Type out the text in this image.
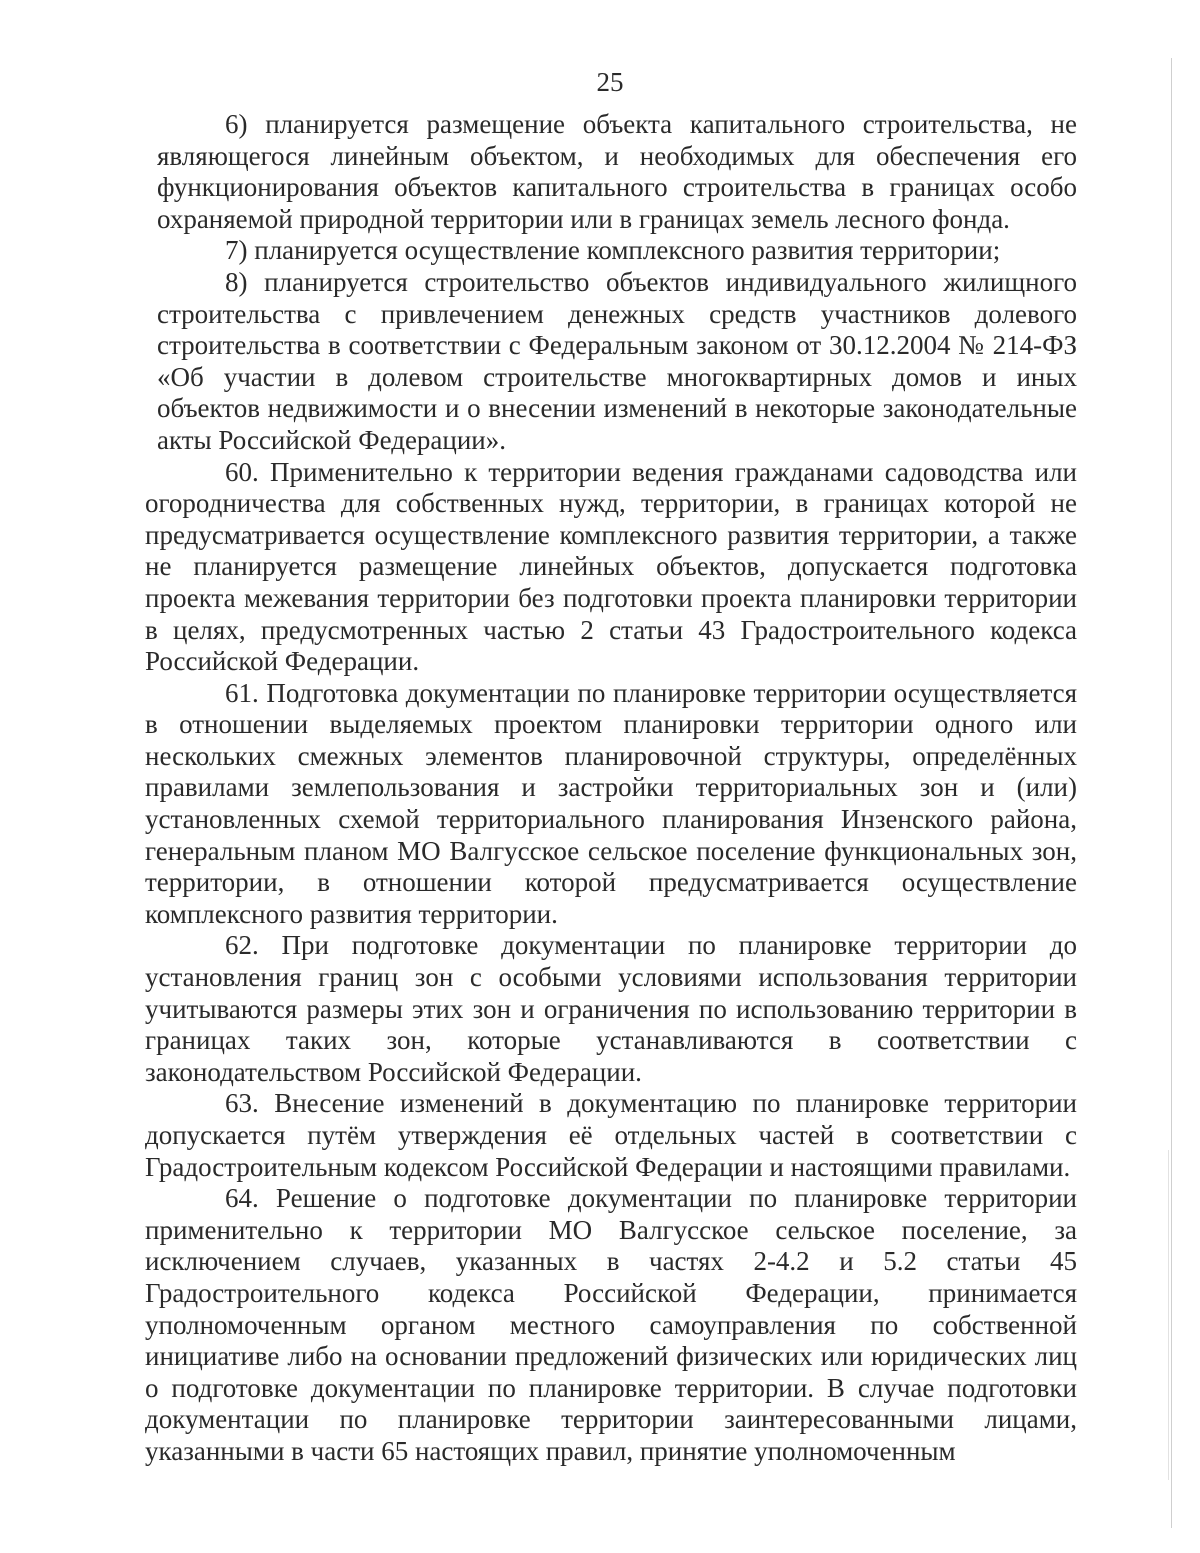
25

6) планируется размещение объекта капитального строительства, не являющегося линейным объектом, и необходимых для обеспечения его функционирования объектов капитального строительства в границах особо охраняемой природной территории или в границах земель лесного фонда.

7) планируется осуществление комплексного развития территории;

8) планируется строительство объектов индивидуального жилищного строительства с привлечением денежных средств участников долевого строительства в соответствии с Федеральным законом от 30.12.2004 № 214-ФЗ «Об участии в долевом строительстве многоквартирных домов и иных объектов недвижимости и о внесении изменений в некоторые законодательные акты Российской Федерации».

60. Применительно к территории ведения гражданами садоводства или огородничества для собственных нужд, территории, в границах которой не предусматривается осуществление комплексного развития территории, а также не планируется размещение линейных объектов, допускается подготовка проекта межевания территории без подготовки проекта планировки территории в целях, предусмотренных частью 2 статьи 43 Градостроительного кодекса Российской Федерации.

61. Подготовка документации по планировке территории осуществляется в отношении выделяемых проектом планировки территории одного или нескольких смежных элементов планировочной структуры, определённых правилами землепользования и застройки территориальных зон и (или) установленных схемой территориального планирования Инзенского района, генеральным планом МО Валгусское сельское поселение функциональных зон, территории, в отношении которой предусматривается осуществление комплексного развития территории.

62. При подготовке документации по планировке территории до установления границ зон с особыми условиями использования территории учитываются размеры этих зон и ограничения по использованию территории в границах таких зон, которые устанавливаются в соответствии с законодательством Российской Федерации.

63. Внесение изменений в документацию по планировке территории допускается путём утверждения её отдельных частей в соответствии с Градостроительным кодексом Российской Федерации и настоящими правилами.

64. Решение о подготовке документации по планировке территории применительно к территории МО Валгусское сельское поселение, за исключением случаев, указанных в частях 2-4.2 и 5.2 статьи 45 Градостроительного кодекса Российской Федерации, принимается уполномоченным органом местного самоуправления по собственной инициативе либо на основании предложений физических или юридических лиц о подготовке документации по планировке территории. В случае подготовки документации по планировке территории заинтересованными лицами, указанными в части 65 настоящих правил, принятие уполномоченным
